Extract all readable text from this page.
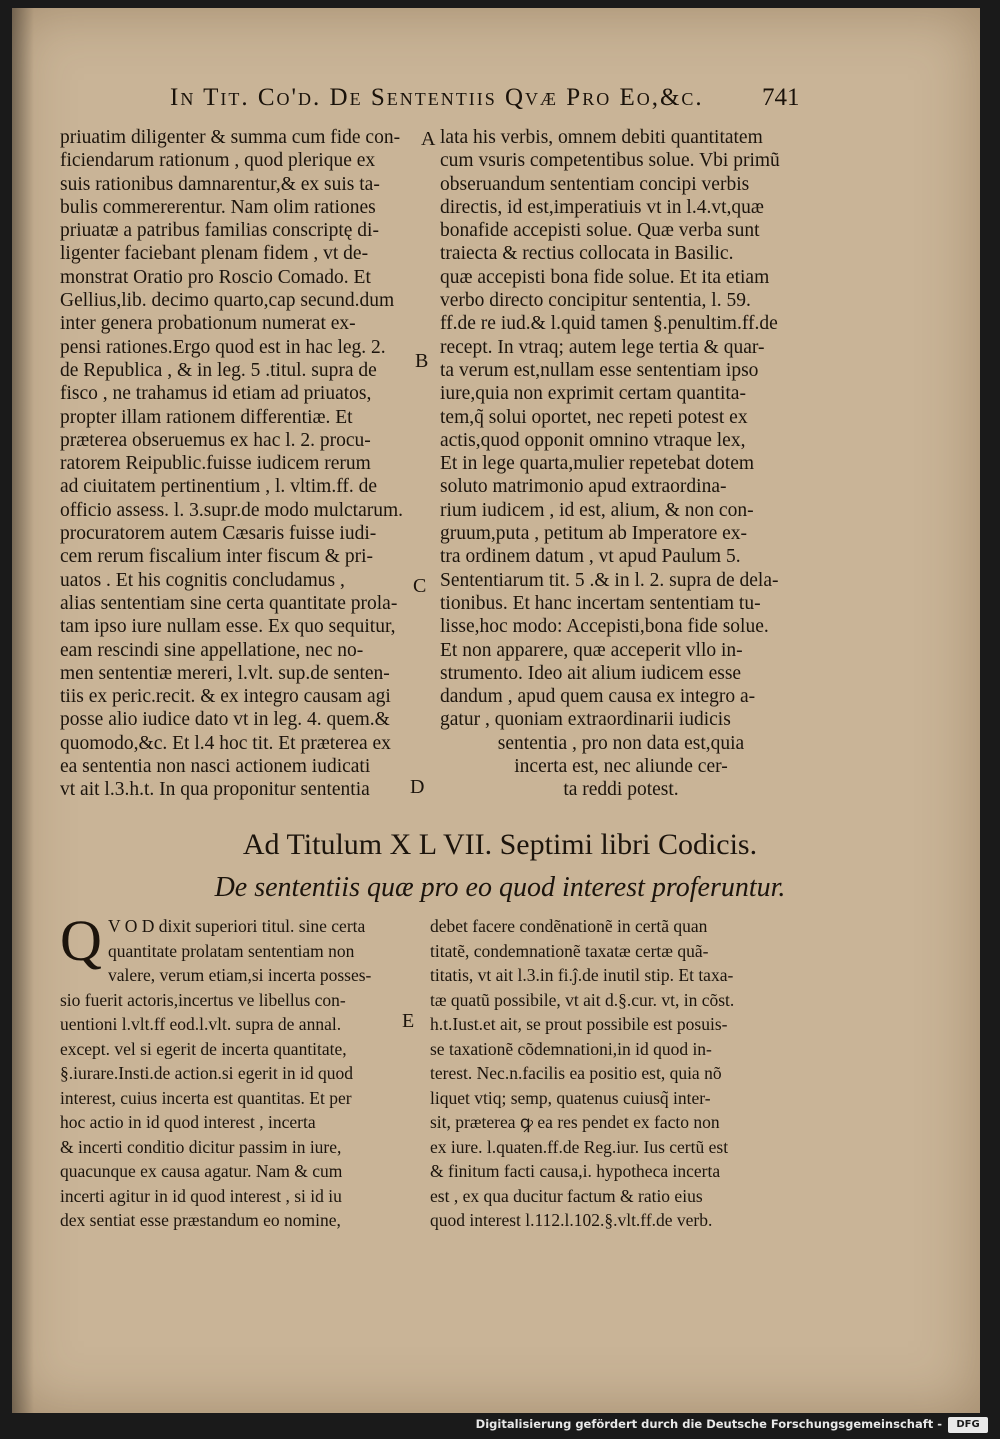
In Tit. Co'd. De Sententiis Qvæ Pro Eo,&c. 741
priuatim diligenter & summa cum fide con-
ficiendarum rationum , quod plerique ex
suis rationibus damnarentur,& ex suis ta-
bulis commererentur. Nam olim rationes
priuatæ a patribus familias conscriptę di-
ligenter faciebant plenam fidem , vt de-
monstrat Oratio pro Roscio Comado. Et
Gellius,lib. decimo quarto,cap secund.dum
inter genera probationum numerat ex-
pensi rationes.Ergo quod est in hac leg. 2.
de Republica , & in leg. 5 .titul. supra de
fisco , ne trahamus id etiam ad priuatos,
propter illam rationem differentiæ. Et
præterea obseruemus ex hac l. 2. procu-
ratorem Reipublic.fuisse iudicem rerum
ad ciuitatem pertinentium , l. vltim.ff. de
officio assess. l. 3.supr.de modo mulctarum.
procuratorem autem Cæsaris fuisse iudi-
cem rerum fiscalium inter fiscum & pri-
uatos . Et his cognitis concludamus ,
alias sententiam sine certa quantitate prola-
tam ipso iure nullam esse. Ex quo sequitur,
eam rescindi sine appellatione, nec no-
men sententiæ mereri, l.vlt. sup.de senten-
tiis ex peric.recit. & ex integro causam agi
posse alio iudice dato vt in leg. 4. quem.&
quomodo,&c. Et l.4 hoc tit. Et præterea ex
ea sententia non nasci actionem iudicati
vt ait l.3.h.t. In qua proponitur sententia
A
B
C
D
E
lata his verbis, omnem debiti quantitatem
cum vsuris competentibus solue. Vbi primũ
obseruandum sententiam concipi verbis
directis, id est,imperatiuis vt in l.4.vt,quæ
bonafide accepisti solue. Quæ verba sunt
traiecta & rectius collocata in Basilic.
quæ accepisti bona fide solue. Et ita etiam
verbo directo concipitur sententia, l. 59.
ff.de re iud.& l.quid tamen §.penultim.ff.de
recept. In vtraq; autem lege tertia & quar-
ta verum est,nullam esse sententiam ipso
iure,quia non exprimit certam quantita-
tem,q̃ solui oportet, nec repeti potest ex
actis,quod opponit omnino vtraque lex,
Et in lege quarta,mulier repetebat dotem
soluto matrimonio apud extraordina-
rium iudicem , id est, alium, & non con-
gruum,puta , petitum ab Imperatore ex-
tra ordinem datum , vt apud Paulum 5.
Sententiarum tit. 5 .& in l. 2. supra de dela-
tionibus. Et hanc incertam sententiam tu-
lisse,hoc modo: Accepisti,bona fide solue.
Et non apparere, quæ acceperit vllo in-
strumento. Ideo ait alium iudicem esse
dandum , apud quem causa ex integro a-
gatur , quoniam extraordinarii iudicis
sententia , pro non data est,quia
incerta est, nec aliunde cer-
ta reddi potest.
Ad Titulum X L VII. Septimi libri Codicis.
De sententiis quæ pro eo quod interest proferuntur.
Q V O D dixit superiori titul. sine certa
quantitate prolatam sententiam non
valere, verum etiam,si incerta posses-
sio fuerit actoris,incertus ve libellus con-
uentioni l.vlt.ff eod.l.vlt. supra de annal.
except. vel si egerit de incerta quantitate,
§.iurare.Insti.de action.si egerit in id quod
interest, cuius incerta est quantitas. Et per
hoc actio in id quod interest , incerta
& incerti conditio dicitur passim in iure,
quacunque ex causa agatur. Nam & cum
incerti agitur in id quod interest , si id iu
dex sentiat esse præstandum eo nomine,
debet facere condẽnationẽ in certã quan
titatẽ, condemnationẽ taxatæ certæ quã-
titatis, vt ait l.3.in fi.ĵ.de inutil stip. Et taxa-
tæ quatũ possibile, vt ait d.§.cur. vt, in cõst.
h.t.Iust.et ait, se prout possibile est posuis-
se taxationẽ cõdemnationi,in id quod in-
terest. Nec.n.facilis ea positio est, quia nõ
liquet vtiq; semp, quatenus cuiusq̃ inter-
sit, præterea ꝙ ea res pendet ex facto non
ex iure. l.quaten.ff.de Reg.iur. Ius certũ est
& finitum facti causa,i. hypotheca incerta
est , ex qua ducitur factum & ratio eius
quod interest l.112.l.102.§.vlt.ff.de verb.
Digitalisierung gefördert durch die Deutsche Forschungsgemeinschaft -	DFG
